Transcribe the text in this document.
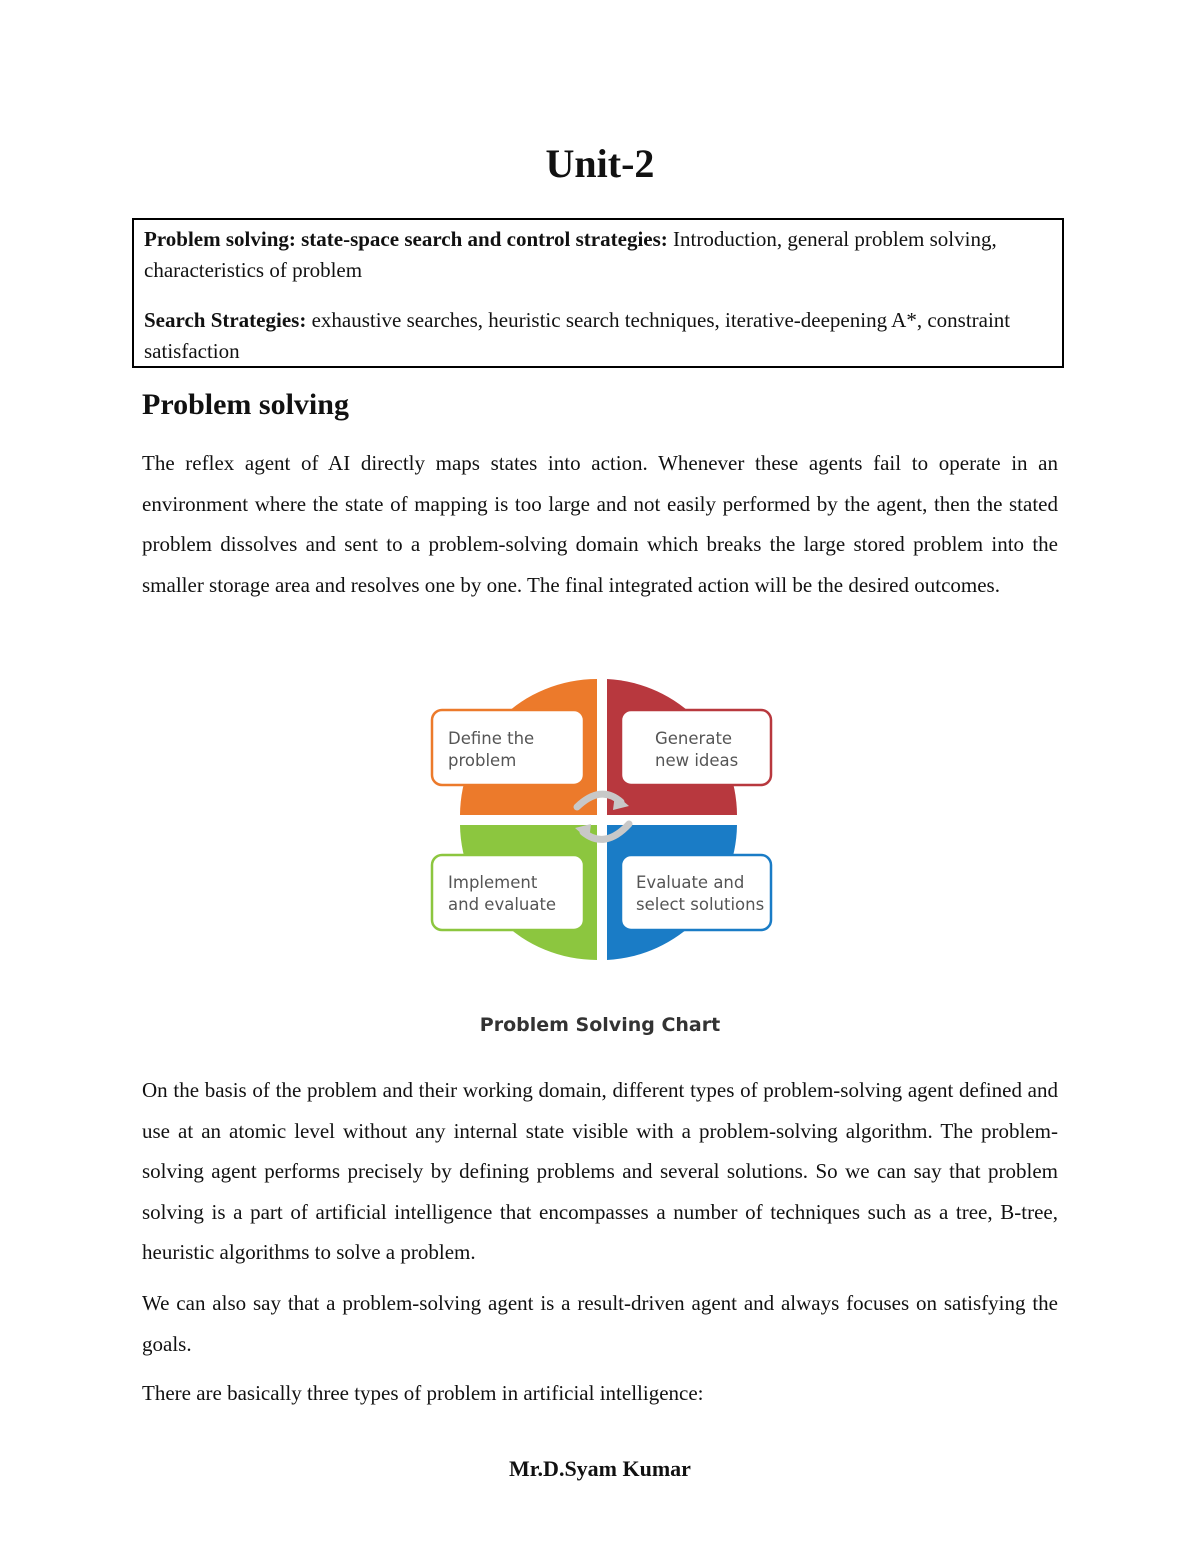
Unit-2

Problem solving: state-space search and control strategies: Introduction, general problem solving, characteristics of problem

Search Strategies: exhaustive searches, heuristic search techniques, iterative-deepening A*, constraint satisfaction

Problem solving

The reflex agent of AI directly maps states into action. Whenever these agents fail to operate in an environment where the state of mapping is too large and not easily performed by the agent, then the stated problem dissolves and sent to a problem-solving domain which breaks the large stored problem into the smaller storage area and resolves one by one. The final integrated action will be the desired outcomes.

Define the
problem
Generate
new ideas
Implement
and evaluate
Evaluate and
select solutions

Problem Solving Chart

On the basis of the problem and their working domain, different types of problem-solving agent defined and use at an atomic level without any internal state visible with a problem-solving algorithm. The problem-solving agent performs precisely by defining problems and several solutions. So we can say that problem solving is a part of artificial intelligence that encompasses a number of techniques such as a tree, B-tree, heuristic algorithms to solve a problem.

We can also say that a problem-solving agent is a result-driven agent and always focuses on satisfying the goals.

There are basically three types of problem in artificial intelligence:

Mr.D.Syam Kumar
